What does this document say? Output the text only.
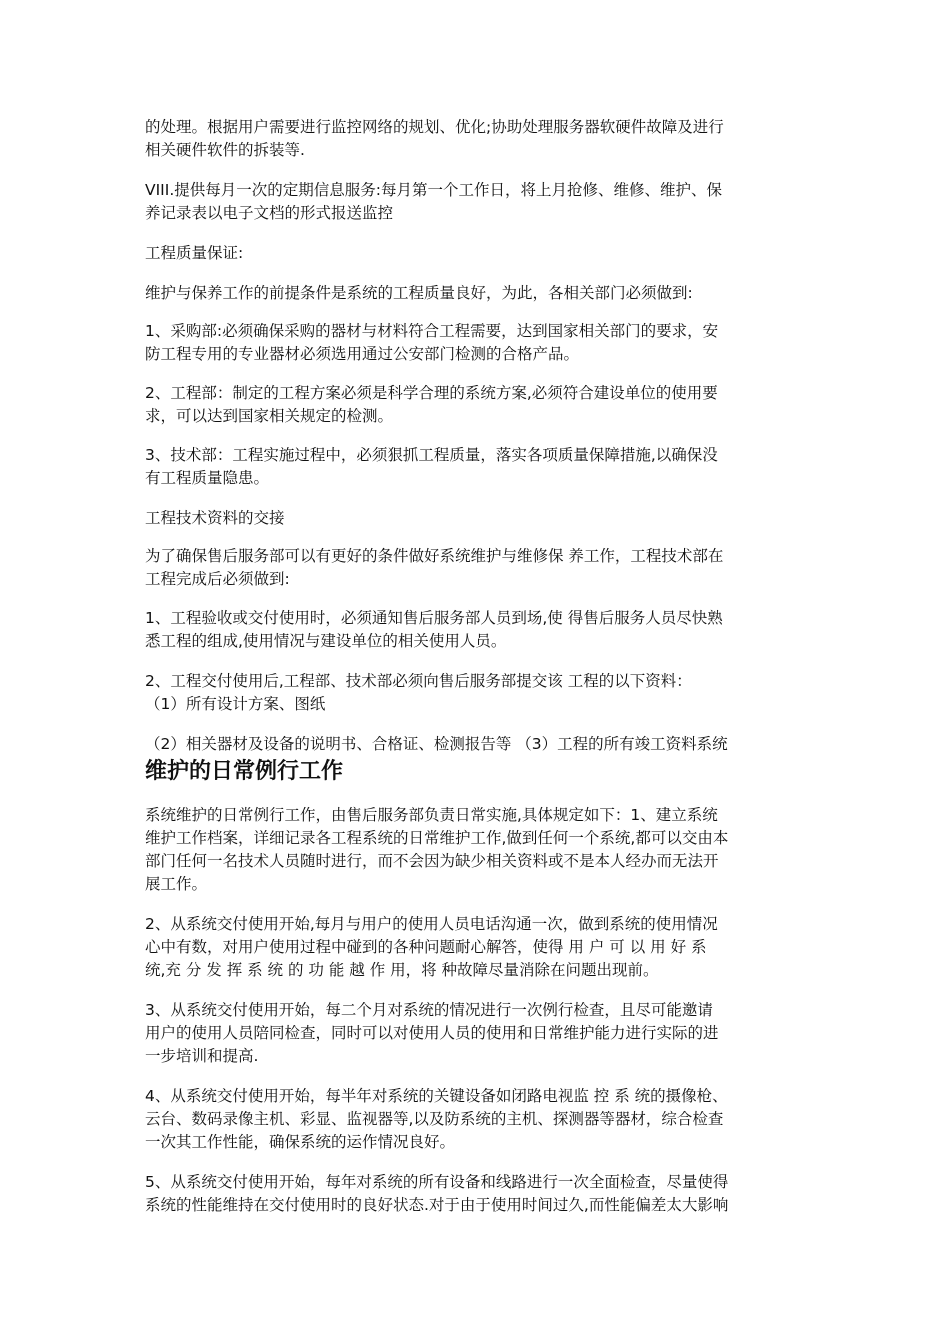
的处理。根据用户需要进行监控网络的规划、优化;协助处理服务器软硬件故障及进行
相关硬件软件的拆装等.
VIII.提供每月一次的定期信息服务:每月第一个工作日，将上月抢修、维修、维护、保
养记录表以电子文档的形式报送监控
工程质量保证:
维护与保养工作的前提条件是系统的工程质量良好，为此，各相关部门必须做到:
1、采购部:必须确保采购的器材与材料符合工程需要，达到国家相关部门的要求，安
防工程专用的专业器材必须选用通过公安部门检测的合格产品。
2、工程部：制定的工程方案必须是科学合理的系统方案,必须符合建设单位的使用要
求，可以达到国家相关规定的检测。
3、技术部：工程实施过程中，必须狠抓工程质量，落实各项质量保障措施,以确保没
有工程质量隐患。
工程技术资料的交接
为了确保售后服务部可以有更好的条件做好系统维护与维修保 养工作，工程技术部在
工程完成后必须做到:
1、工程验收或交付使用时，必须通知售后服务部人员到场,使 得售后服务人员尽快熟
悉工程的组成,使用情况与建设单位的相关使用人员。
2、工程交付使用后,工程部、技术部必须向售后服务部提交该 工程的以下资料：
（1）所有设计方案、图纸
（2）相关器材及设备的说明书、合格证、检测报告等 （3）工程的所有竣工资料系统
维护的日常例行工作
系统维护的日常例行工作，由售后服务部负责日常实施,具体规定如下：1、建立系统
维护工作档案，详细记录各工程系统的日常维护工作,做到任何一个系统,都可以交由本
部门任何一名技术人员随时进行，而不会因为缺少相关资料或不是本人经办而无法开
展工作。
2、从系统交付使用开始,每月与用户的使用人员电话沟通一次，做到系统的使用情况
心中有数，对用户使用过程中碰到的各种问题耐心解答，使得 用 户 可 以 用 好 系
统,充 分 发 挥 系 统 的 功 能 越 作 用，将 种故障尽量消除在问题出现前。
3、从系统交付使用开始，每二个月对系统的情况进行一次例行检查，且尽可能邀请
用户的使用人员陪同检查，同时可以对使用人员的使用和日常维护能力进行实际的进
一步培训和提高.
4、从系统交付使用开始，每半年对系统的关键设备如闭路电视监 控 系 统的摄像枪、
云台、数码录像主机、彩显、监视器等,以及防系统的主机、探测器等器材，综合检查
一次其工作性能，确保系统的运作情况良好。
5、从系统交付使用开始，每年对系统的所有设备和线路进行一次全面检查，尽量使得
系统的性能维持在交付使用时的良好状态.对于由于使用时间过久,而性能偏差太大影响
